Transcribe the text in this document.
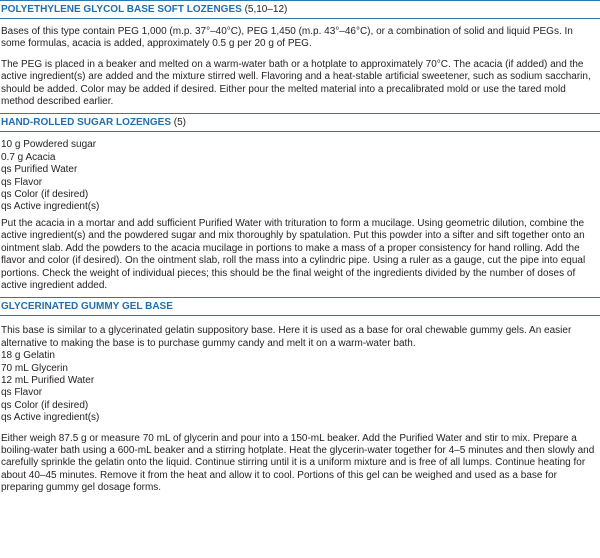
POLYETHYLENE GLYCOL BASE SOFT LOZENGES (5,10–12)

Bases of this type contain PEG 1,000 (m.p. 37°–40°C), PEG 1,450 (m.p. 43°–46°C), or a combination of solid and liquid PEGs. In some formulas, acacia is added, approximately 0.5 g per 20 g of PEG.

The PEG is placed in a beaker and melted on a warm-water bath or a hotplate to approximately 70°C. The acacia (if added) and the active ingredient(s) are added and the mixture stirred well. Flavoring and a heat-stable artificial sweetener, such as sodium saccharin, should be added. Color may be added if desired. Either pour the melted material into a precalibrated mold or use the tared mold method described earlier.

HAND-ROLLED SUGAR LOZENGES (5)
10 g Powdered sugar
0.7 g Acacia
qs Purified Water
qs Flavor
qs Color (if desired)
qs Active ingredient(s)

Put the acacia in a mortar and add sufficient Purified Water with trituration to form a mucilage. Using geometric dilution, combine the active ingredient(s) and the powdered sugar and mix thoroughly by spatulation. Put this powder into a sifter and sift together onto an ointment slab. Add the powders to the acacia mucilage in portions to make a mass of a proper consistency for hand rolling. Add the flavor and color (if desired). On the ointment slab, roll the mass into a cylindric pipe. Using a ruler as a gauge, cut the pipe into equal portions. Check the weight of individual pieces; this should be the final weight of the ingredients divided by the number of doses of active ingredient added.

GLYCERINATED GUMMY GEL BASE

This base is similar to a glycerinated gelatin suppository base. Here it is used as a base for oral chewable gummy gels. An easier alternative to making the base is to purchase gummy candy and melt it on a warm-water bath.

18 g Gelatin
70 mL Glycerin
12 mL Purified Water
qs Flavor
qs Color (if desired)
qs Active ingredient(s)

Either weigh 87.5 g or measure 70 mL of glycerin and pour into a 150-mL beaker. Add the Purified Water and stir to mix. Prepare a boiling-water bath using a 600-mL beaker and a stirring hotplate. Heat the glycerin-water together for 4–5 minutes and then slowly and carefully sprinkle the gelatin onto the liquid. Continue stirring until it is a uniform mixture and is free of all lumps. Continue heating for about 40–45 minutes. Remove it from the heat and allow it to cool. Portions of this gel can be weighed and used as a base for preparing gummy gel dosage forms.
